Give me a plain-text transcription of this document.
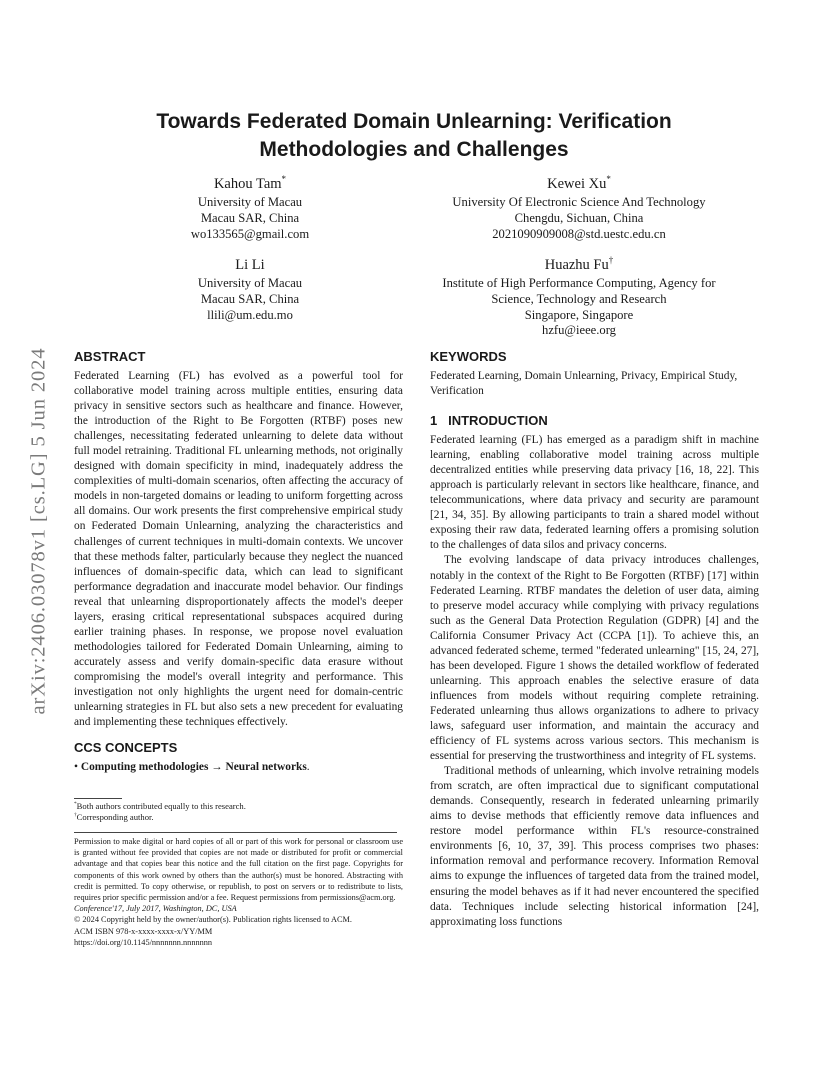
arXiv:2406.03078v1 [cs.LG] 5 Jun 2024
Towards Federated Domain Unlearning: Verification
Methodologies and Challenges
Kahou Tam*
University of Macau
Macau SAR, China
wo133565@gmail.com
Kewei Xu*
University Of Electronic Science And Technology
Chengdu, Sichuan, China
2021090909008@std.uestc.edu.cn
Li Li
University of Macau
Macau SAR, China
llili@um.edu.mo
Huazhu Fu†
Institute of High Performance Computing, Agency for
Science, Technology and Research
Singapore, Singapore
hzfu@ieee.org
ABSTRACT

Federated Learning (FL) has evolved as a powerful tool for collaborative model training across multiple entities, ensuring data privacy in sensitive sectors such as healthcare and finance. However, the introduction of the Right to Be Forgotten (RTBF) poses new challenges, necessitating federated unlearning to delete data without full model retraining. Traditional FL unlearning methods, not originally designed with domain specificity in mind, inadequately address the complexities of multi-domain scenarios, often affecting the accuracy of models in non-targeted domains or leading to uniform forgetting across all domains. Our work presents the first comprehensive empirical study on Federated Domain Unlearning, analyzing the characteristics and challenges of current techniques in multi-domain contexts. We uncover that these methods falter, particularly because they neglect the nuanced influences of domain-specific data, which can lead to significant performance degradation and inaccurate model behavior. Our findings reveal that unlearning disproportionately affects the model's deeper layers, erasing critical representational subspaces acquired during earlier training phases. In response, we propose novel evaluation methodologies tailored for Federated Domain Unlearning, aiming to accurately assess and verify domain-specific data erasure without compromising the model's overall integrity and performance. This investigation not only highlights the urgent need for domain-centric unlearning strategies in FL but also sets a new precedent for evaluating and implementing these techniques effectively.

CCS CONCEPTS

• Computing methodologies → Neural networks.

*Both authors contributed equally to this research.
†Corresponding author.
Permission to make digital or hard copies of all or part of this work for personal or classroom use is granted without fee provided that copies are not made or distributed for profit or commercial advantage and that copies bear this notice and the full citation on the first page. Copyrights for components of this work owned by others than the author(s) must be honored. Abstracting with credit is permitted. To copy otherwise, or republish, to post on servers or to redistribute to lists, requires prior specific permission and/or a fee. Request permissions from permissions@acm.org.
Conference'17, July 2017, Washington, DC, USA
© 2024 Copyright held by the owner/author(s). Publication rights licensed to ACM.
ACM ISBN 978-x-xxxx-xxxx-x/YY/MM
https://doi.org/10.1145/nnnnnnn.nnnnnnn
KEYWORDS

Federated Learning, Domain Unlearning, Privacy, Empirical Study, Verification

1 INTRODUCTION

Federated learning (FL) has emerged as a paradigm shift in machine learning, enabling collaborative model training across multiple decentralized entities while preserving data privacy [16, 18, 22]. This approach is particularly relevant in sectors like healthcare, finance, and telecommunications, where data privacy and security are paramount [21, 34, 35]. By allowing participants to train a shared model without exposing their raw data, federated learning offers a promising solution to the challenges of data silos and privacy concerns.

The evolving landscape of data privacy introduces challenges, notably in the context of the Right to Be Forgotten (RTBF) [17] within Federated Learning. RTBF mandates the deletion of user data, aiming to preserve model accuracy while complying with privacy regulations such as the General Data Protection Regulation (GDPR) [4] and the California Consumer Privacy Act (CCPA [1]). To achieve this, an advanced federated scheme, termed "federated unlearning" [15, 24, 27], has been developed. Figure 1 shows the detailed workflow of federated unlearning. This approach enables the selective erasure of data influences from models without requiring complete retraining. Federated unlearning thus allows organizations to adhere to privacy laws, safeguard user information, and maintain the accuracy and efficiency of FL systems across various sectors. This mechanism is essential for preserving the trustworthiness and integrity of FL systems.

Traditional methods of unlearning, which involve retraining models from scratch, are often impractical due to significant computational demands. Consequently, research in federated unlearning primarily aims to devise methods that efficiently remove data influences and restore model performance within FL's resource-constrained environments [6, 10, 37, 39]. This process comprises two phases: information removal and performance recovery. Information Removal aims to expunge the influences of targeted data from the trained model, ensuring the model behaves as if it had never encountered the specified data. Techniques include selecting historical information [24], approximating loss functions
